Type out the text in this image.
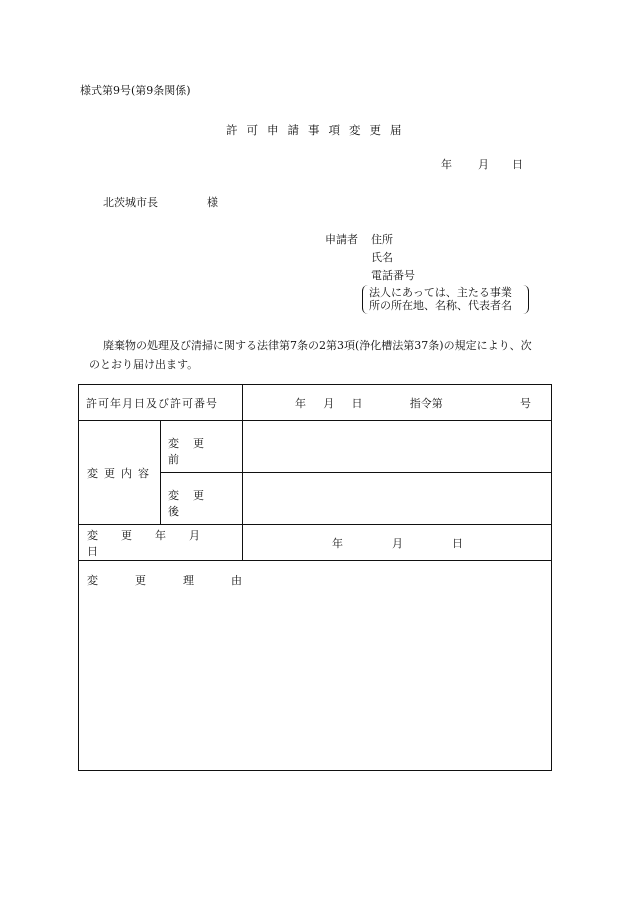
様式第9号(第9条関係)
許可申請事項変更届
年 月 日
北茨城市長	様
申請者 住所
氏名
電話番号
法人にあっては、主たる事業
所の所在地、名称、代表者名
廃棄物の処理及び清掃に関する法律第7条の2第3項(浄化槽法第37条)の規定により、次
のとおり届け出ます。
許可年月日及び許可番号		年 月 日 指令第 号

変更内容	変更前	

	変更後	

変更年月日		年 月 日

変更理由		
